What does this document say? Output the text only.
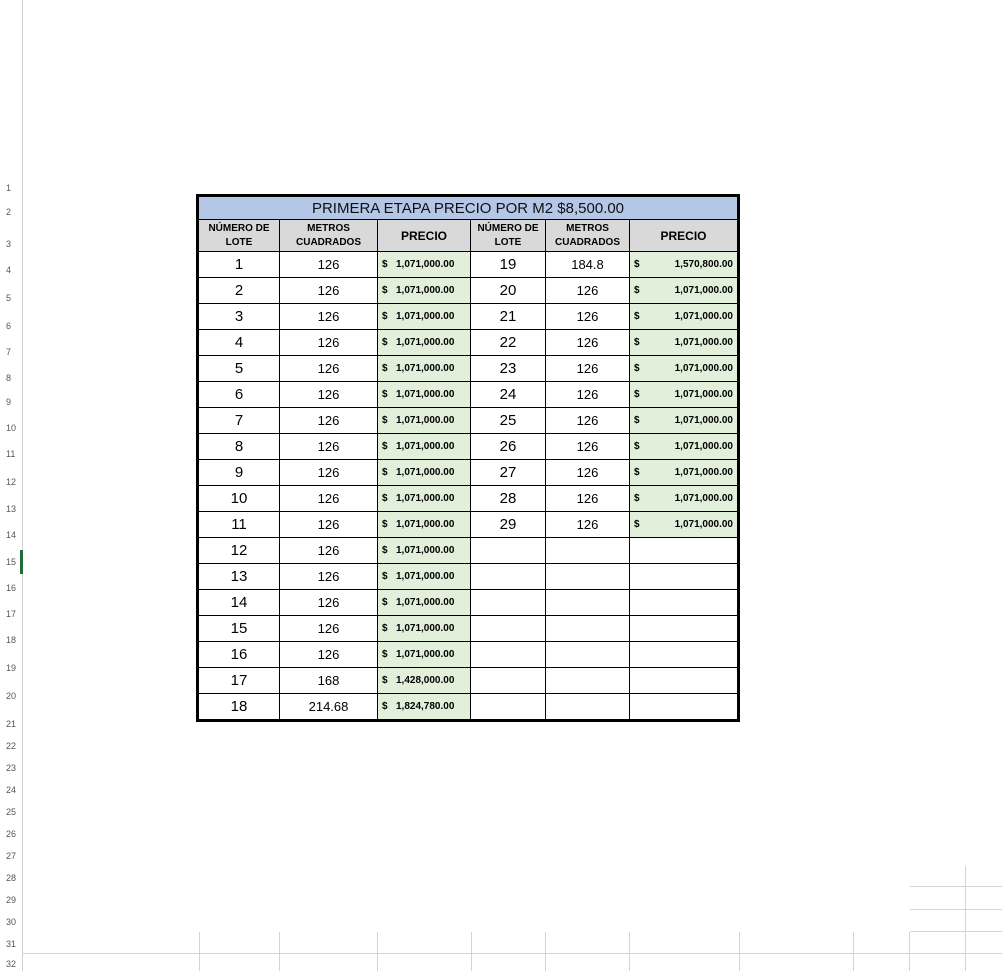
1
2
3
4
5
6
7
8
9
10
11
12
13
14
15
16
17
18
19
20
21
22
23
24
25
26
27
28
29
30
31
32
PRIMERA ETAPA PRECIO POR M2 $8,500.00					
NÚMERO DE LOTE	METROS CUADRADOS	PRECIO	NÚMERO DE LOTE	METROS CUADRADOS	PRECIO
1	126	$ 1,071,000.00	19	184.8	$ 1,570,800.00

2	126	$ 1,071,000.00	20	126	$ 1,071,000.00

3	126	$ 1,071,000.00	21	126	$ 1,071,000.00

4	126	$ 1,071,000.00	22	126	$ 1,071,000.00

5	126	$ 1,071,000.00	23	126	$ 1,071,000.00

6	126	$ 1,071,000.00	24	126	$ 1,071,000.00

7	126	$ 1,071,000.00	25	126	$ 1,071,000.00

8	126	$ 1,071,000.00	26	126	$ 1,071,000.00

9	126	$ 1,071,000.00	27	126	$ 1,071,000.00

10	126	$ 1,071,000.00	28	126	$ 1,071,000.00

11	126	$ 1,071,000.00	29	126	$ 1,071,000.00

12	126	$ 1,071,000.00			
13	126	$ 1,071,000.00			
14	126	$ 1,071,000.00			
15	126	$ 1,071,000.00			
16	126	$ 1,071,000.00			
17	168	$ 1,428,000.00			
18	214.68	$ 1,824,780.00			
